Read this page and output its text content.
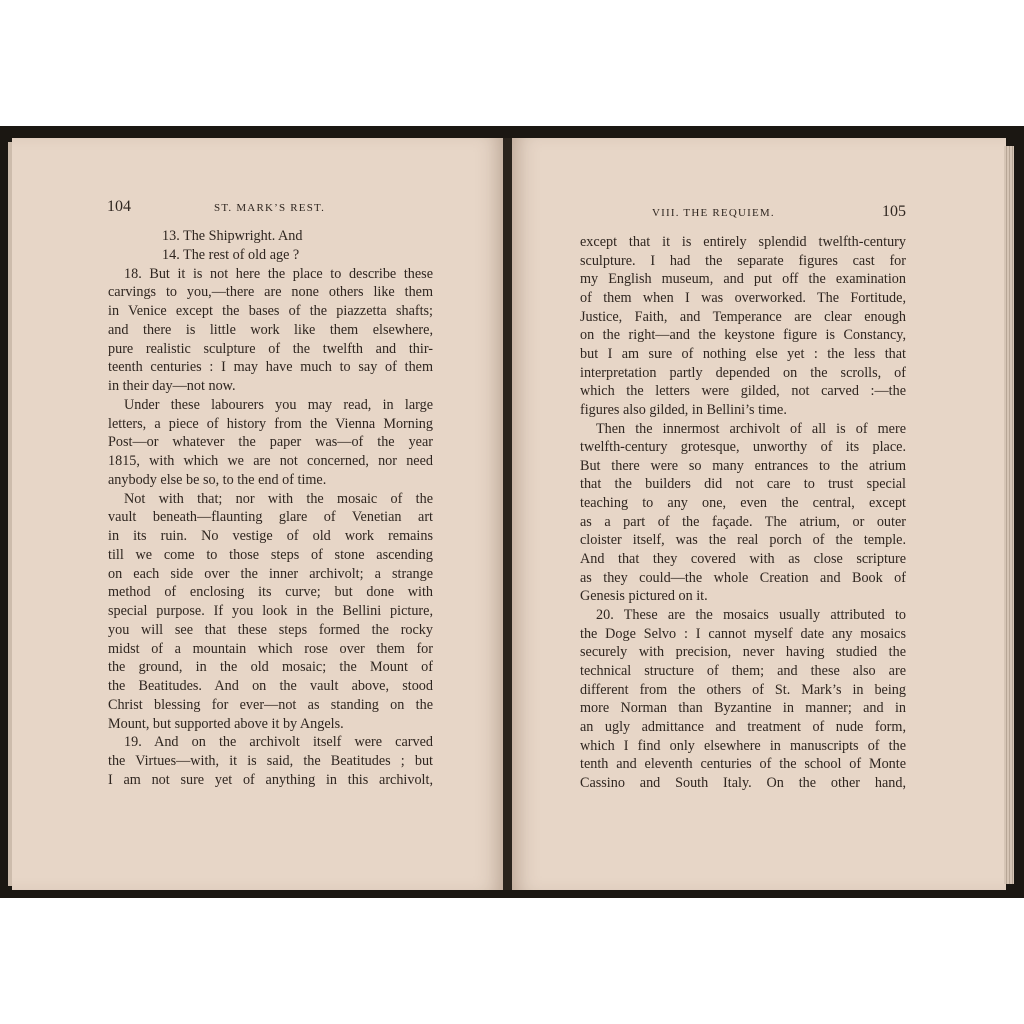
104	ST. MARK’S REST.	VIII. THE REQUIEM.	105
13. The Shipwright. And
14. The rest of old age ?
18. But it is not here the place to describe these
carvings to you,—there are none others like them
in Venice except the bases of the piazzetta shafts;
and there is little work like them elsewhere,
pure realistic sculpture of the twelfth and thir-
teenth centuries : I may have much to say of them
in their day—not now.
Under these labourers you may read, in large
letters, a piece of history from the Vienna Morning
Post—or whatever the paper was—of the year
1815, with which we are not concerned, nor need
anybody else be so, to the end of time.
Not with that; nor with the mosaic of the
vault beneath—flaunting glare of Venetian art
in its ruin. No vestige of old work remains
till we come to those steps of stone ascending
on each side over the inner archivolt; a strange
method of enclosing its curve; but done with
special purpose. If you look in the Bellini picture,
you will see that these steps formed the rocky
midst of a mountain which rose over them for
the ground, in the old mosaic; the Mount of
the Beatitudes. And on the vault above, stood
Christ blessing for ever—not as standing on the
Mount, but supported above it by Angels.
19. And on the archivolt itself were carved
the Virtues—with, it is said, the Beatitudes ; but
I am not sure yet of anything in this archivolt,
except that it is entirely splendid twelfth-century
sculpture. I had the separate figures cast for
my English museum, and put off the examination
of them when I was overworked. The Fortitude,
Justice, Faith, and Temperance are clear enough
on the right—and the keystone figure is Constancy,
but I am sure of nothing else yet : the less that
interpretation partly depended on the scrolls, of
which the letters were gilded, not carved :—the
figures also gilded, in Bellini’s time.
Then the innermost archivolt of all is of mere
twelfth-century grotesque, unworthy of its place.
But there were so many entrances to the atrium
that the builders did not care to trust special
teaching to any one, even the central, except
as a part of the façade. The atrium, or outer
cloister itself, was the real porch of the temple.
And that they covered with as close scripture
as they could—the whole Creation and Book of
Genesis pictured on it.
20. These are the mosaics usually attributed to
the Doge Selvo : I cannot myself date any mosaics
securely with precision, never having studied the
technical structure of them; and these also are
different from the others of St. Mark’s in being
more Norman than Byzantine in manner; and in
an ugly admittance and treatment of nude form,
which I find only elsewhere in manuscripts of the
tenth and eleventh centuries of the school of Monte
Cassino and South Italy. On the other hand,
